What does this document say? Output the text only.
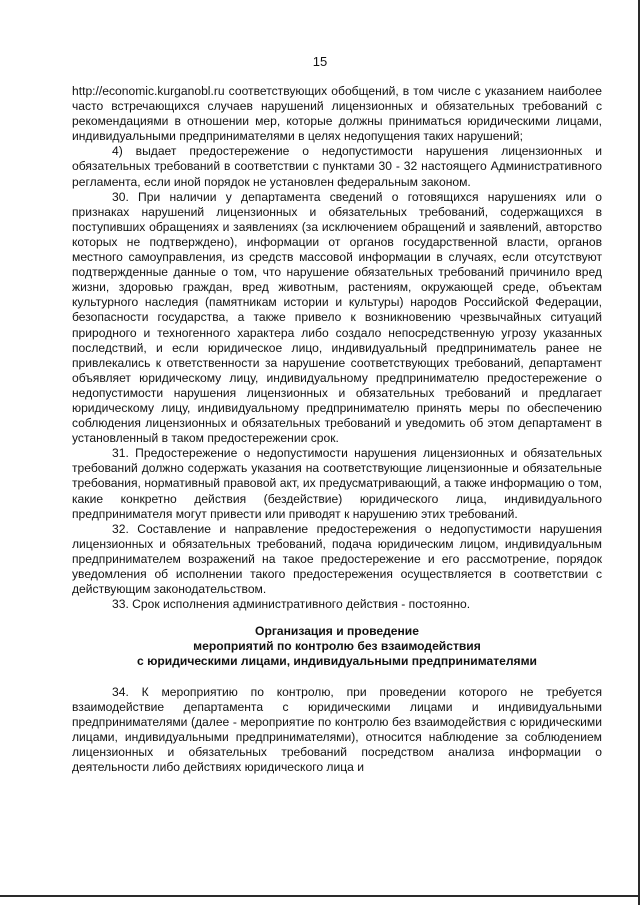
15

http://economic.kurganobl.ru соответствующих обобщений, в том числе с указанием наиболее часто встречающихся случаев нарушений лицензионных и обязательных требований с рекомендациями в отношении мер, которые должны приниматься юридическими лицами, индивидуальными предпринимателями в целях недопущения таких нарушений;

4) выдает предостережение о недопустимости нарушения лицензионных и обязательных требований в соответствии с пунктами 30 - 32 настоящего Административного регламента, если иной порядок не установлен федеральным законом.

30. При наличии у департамента сведений о готовящихся нарушениях или о признаках нарушений лицензионных и обязательных требований, содержащихся в поступивших обращениях и заявлениях (за исключением обращений и заявлений, авторство которых не подтверждено), информации от органов государственной власти, органов местного самоуправления, из средств массовой информации в случаях, если отсутствуют подтвержденные данные о том, что нарушение обязательных требований причинило вред жизни, здоровью граждан, вред животным, растениям, окружающей среде, объектам культурного наследия (памятникам истории и культуры) народов Российской Федерации, безопасности государства, а также привело к возникновению чрезвычайных ситуаций природного и техногенного характера либо создало непосредственную угрозу указанных последствий, и если юридическое лицо, индивидуальный предприниматель ранее не привлекались к ответственности за нарушение соответствующих требований, департамент объявляет юридическому лицу, индивидуальному предпринимателю предостережение о недопустимости нарушения лицензионных и обязательных требований и предлагает юридическому лицу, индивидуальному предпринимателю принять меры по обеспечению соблюдения лицензионных и обязательных требований и уведомить об этом департамент в установленный в таком предостережении срок.

31. Предостережение о недопустимости нарушения лицензионных и обязательных требований должно содержать указания на соответствующие лицензионные и обязательные требования, нормативный правовой акт, их предусматривающий, а также информацию о том, какие конкретно действия (бездействие) юридического лица, индивидуального предпринимателя могут привести или приводят к нарушению этих требований.

32. Составление и направление предостережения о недопустимости нарушения лицензионных и обязательных требований, подача юридическим лицом, индивидуальным предпринимателем возражений на такое предостережение и его рассмотрение, порядок уведомления об исполнении такого предостережения осуществляется в соответствии с действующим законодательством.

33. Срок исполнения административного действия - постоянно.

Организация и проведение
мероприятий по контролю без взаимодействия
с юридическими лицами, индивидуальными предпринимателями

34. К мероприятию по контролю, при проведении которого не требуется взаимодействие департамента с юридическими лицами и индивидуальными предпринимателями (далее - мероприятие по контролю без взаимодействия с юридическими лицами, индивидуальными предпринимателями), относится наблюдение за соблюдением лицензионных и обязательных требований посредством анализа информации о деятельности либо действиях юридического лица и
